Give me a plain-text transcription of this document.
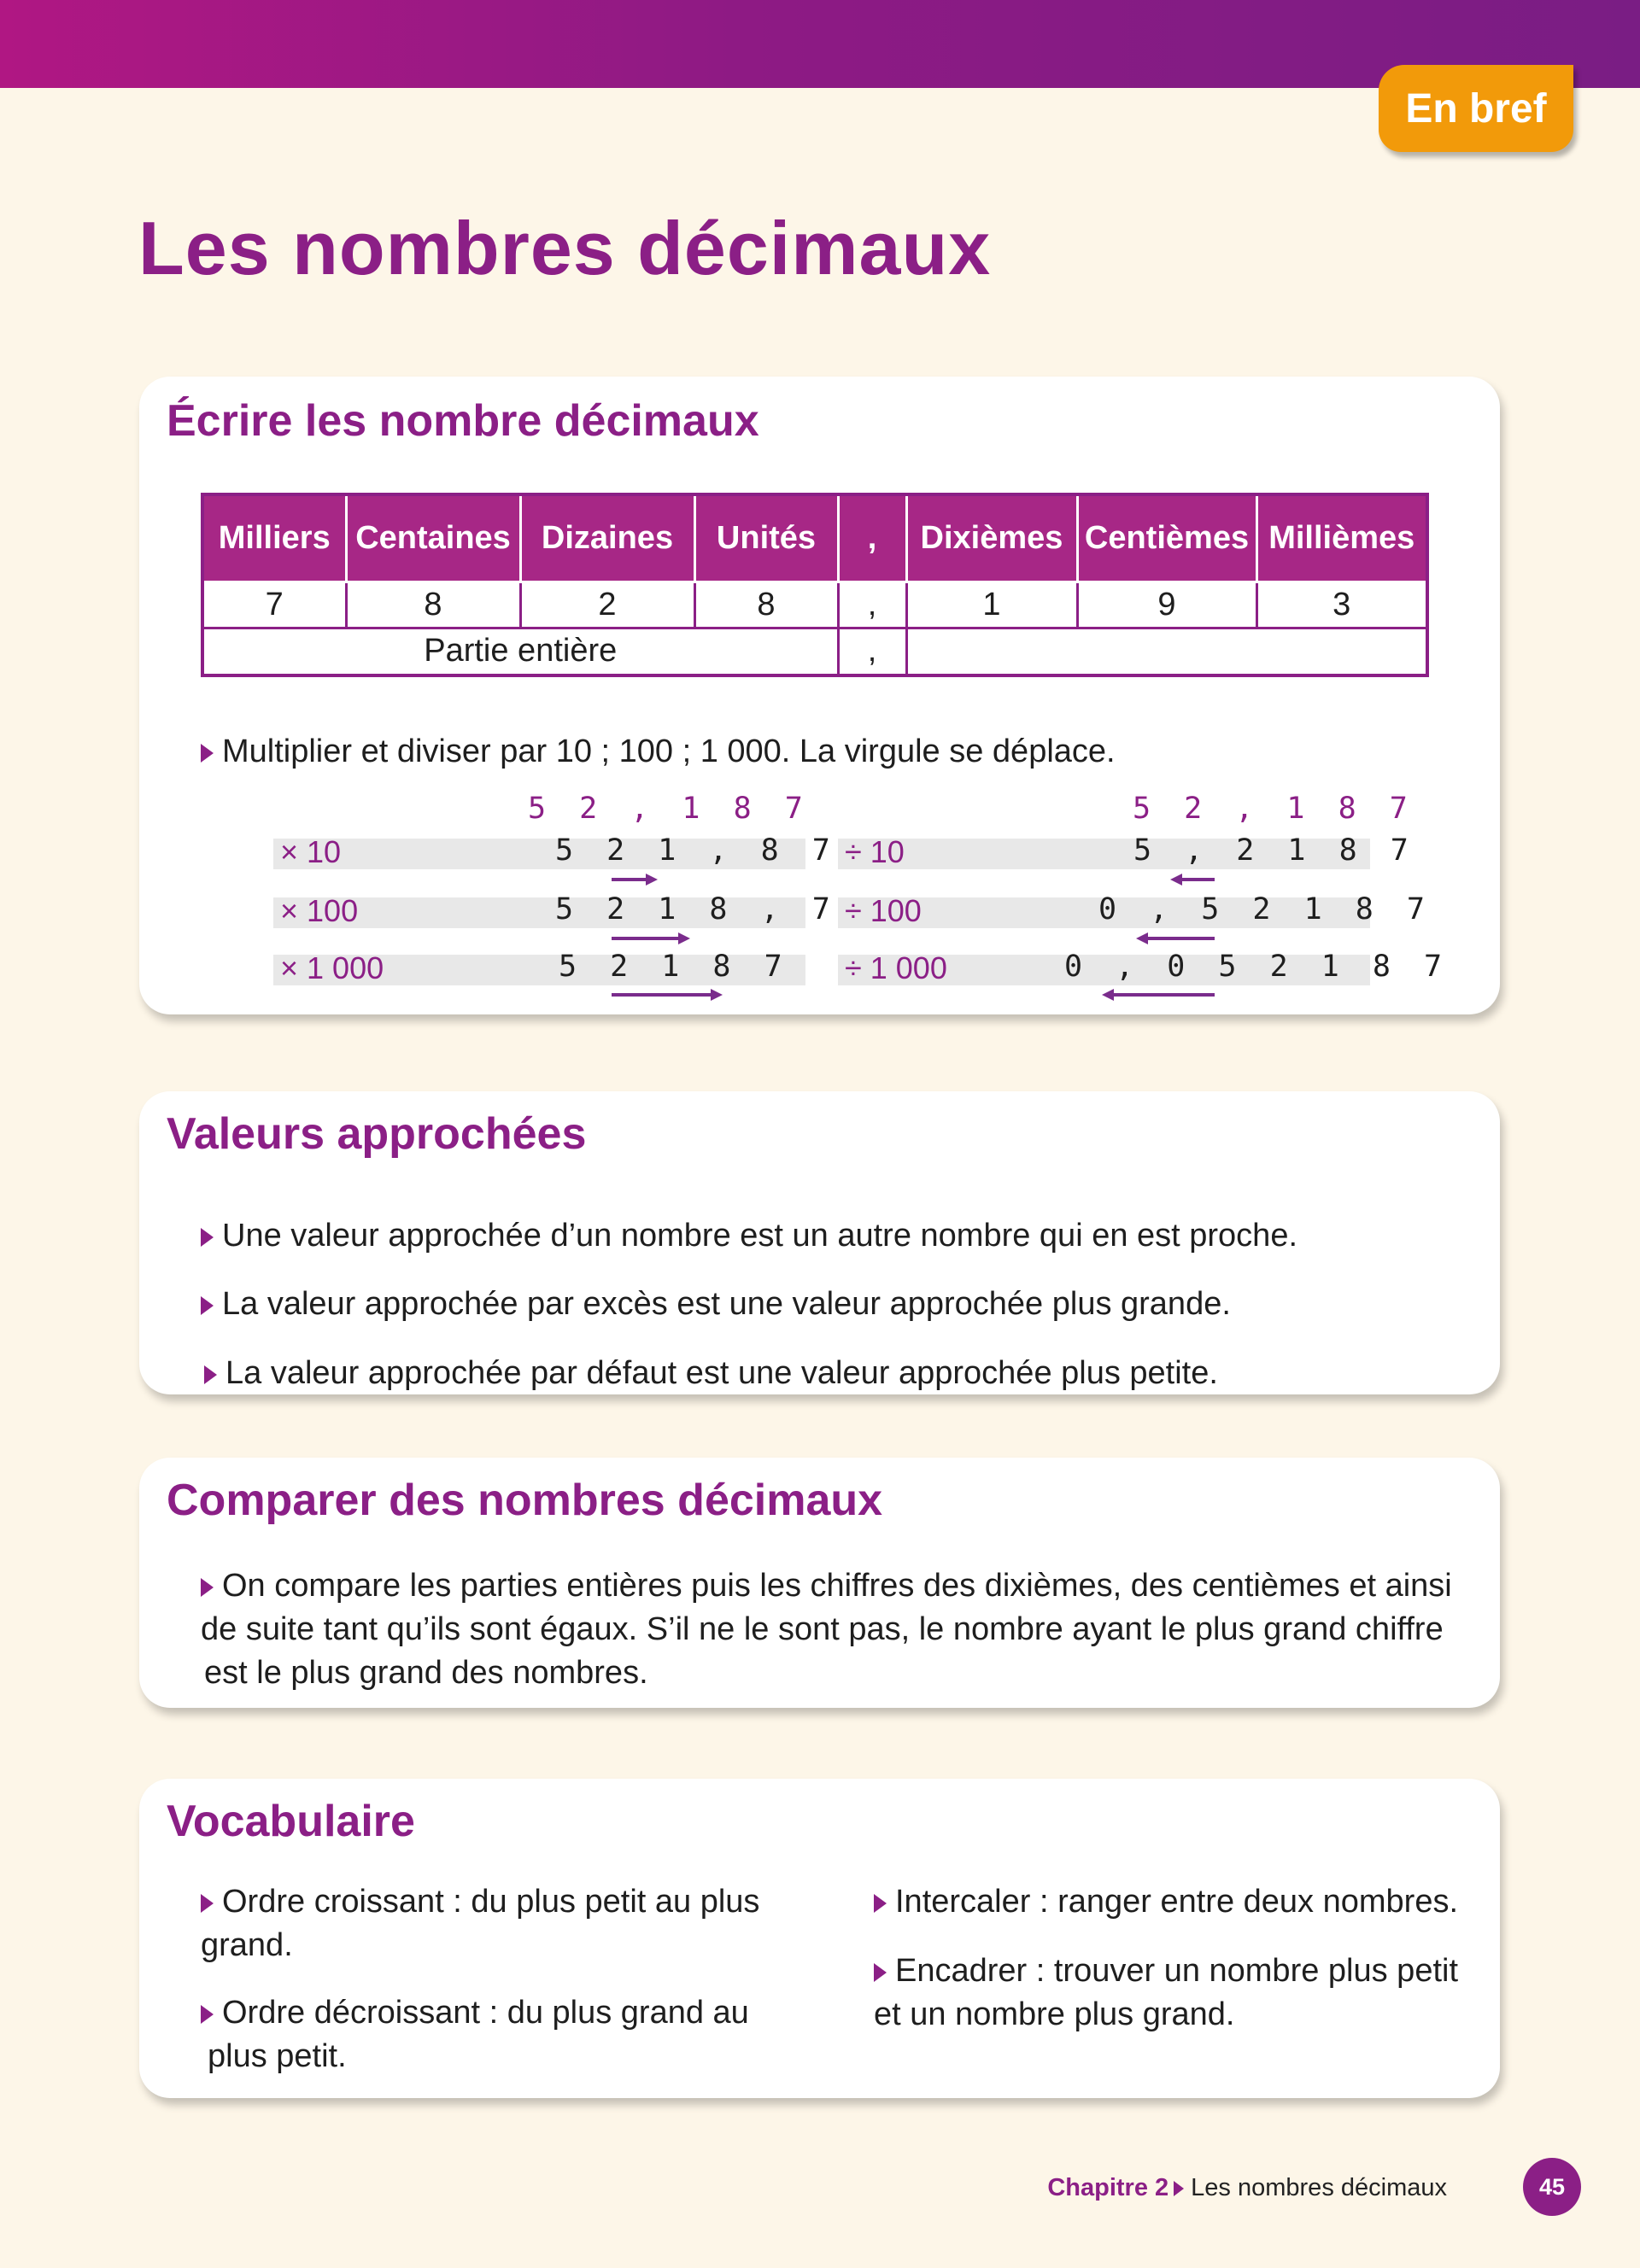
En bref
Les nombres décimaux
Écrire les nombre décimaux
Milliers	Centaines	Dizaines	Unités	,	Dixièmes	Centièmes	Millièmes
7	8	2	8	,	1	9	3
Partie entière				,			
Multiplier et diviser par 10 ; 100 ; 1 000. La virgule se déplace.
5 2 , 1 8 7
× 10	5 2 1 , 8 7
× 100	5 2 1 8 , 7
× 1 000	5 2 1 8 7
5 2 , 1 8 7
÷ 10	5 , 2 1 8 7
÷ 100	0 , 5 2 1 8 7
÷ 1 000	0 , 0 5 2 1 8 7
Valeurs approchées
Une valeur approchée d’un nombre est un autre nombre qui en est proche.
La valeur approchée par excès est une valeur approchée plus grande.
La valeur approchée par défaut est une valeur approchée plus petite.
Comparer des nombres décimaux
On compare les parties entières puis les chiffres des dixièmes, des centièmes et ainsi
de suite tant qu’ils sont égaux. S’il ne le sont pas, le nombre ayant le plus grand chiffre
est le plus grand des nombres.
Vocabulaire
Ordre croissant : du plus petit au plus
grand.
Ordre décroissant : du plus grand au
plus petit.
Intercaler : ranger entre deux nombres.
Encadrer : trouver un nombre plus petit
et un nombre plus grand.
Chapitre 2 Les nombres décimaux	45
